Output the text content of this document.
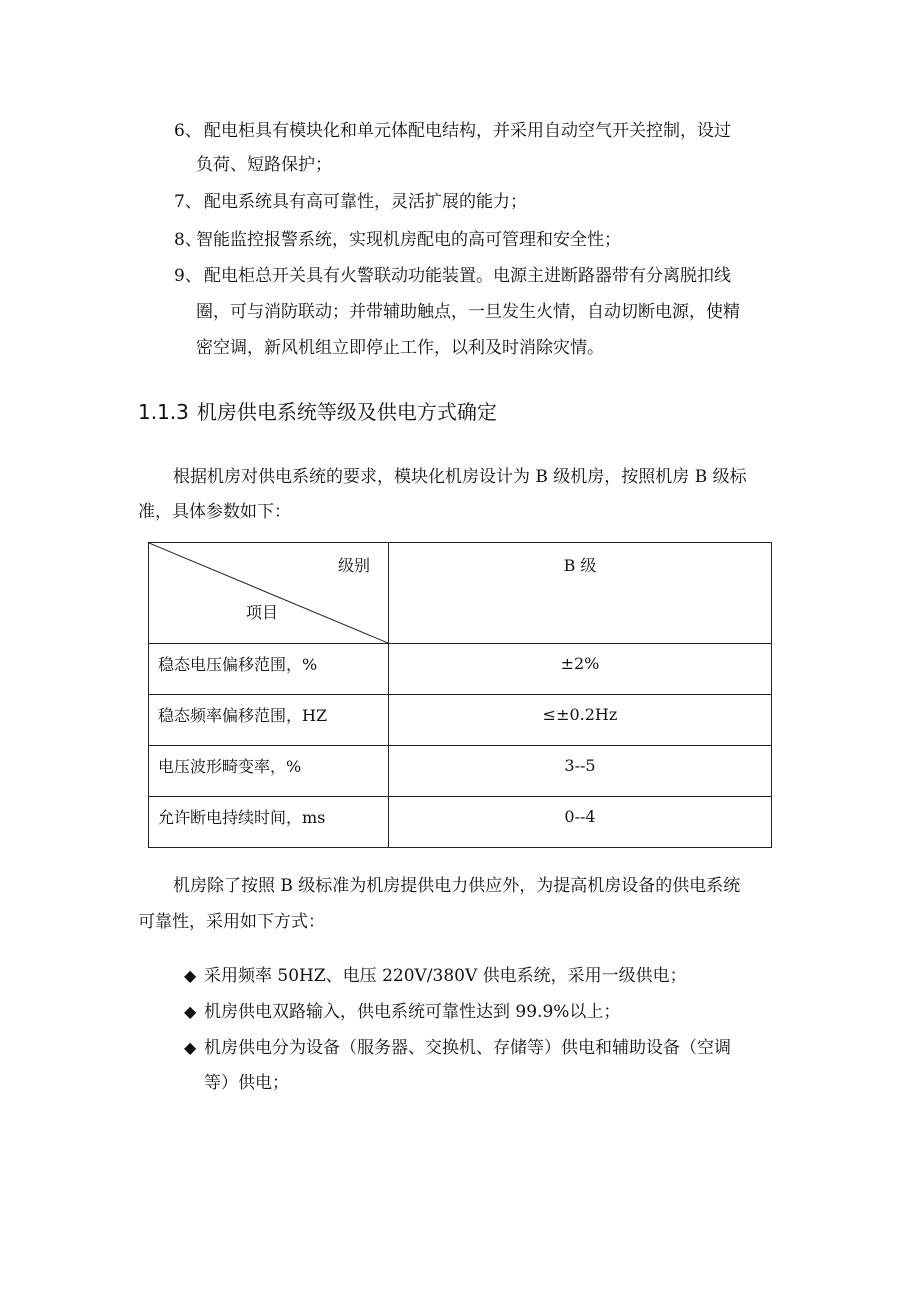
6、 配电柜具有模块化和单元体配电结构，并采用自动空气开关控制，设过
负荷、短路保护；
7、 配电系统具有高可靠性，灵活扩展的能力；
8、
智能监控报警系统，实现机房配电的高可管理和安全性；
9、 配电柜总开关具有火警联动功能装置。电源主进断路器带有分离脱扣线
圈，可与消防联动；并带辅助触点，一旦发生火情，自动切断电源，使精
密空调，新风机组立即停止工作，以利及时消除灾情。
1.1.3 机房供电系统等级及供电方式确定
根据机房对供电系统的要求，模块化机房设计为 B 级机房，按照机房 B 级标
准，具体参数如下：
级别
项目	B 级

稳态电压偏移范围，%	±2%

稳态频率偏移范围，HZ	≤±0.2Hz

电压波形畸变率，%	3--5

允许断电持续时间，ms	0--4
机房除了按照 B 级标准为机房提供电力供应外，为提高机房设备的供电系统
可靠性，采用如下方式：
◆ 采用频率 50HZ、电压 220V/380V 供电系统，采用一级供电；
◆ 机房供电双路输入，供电系统可靠性达到 99.9%以上；
◆ 机房供电分为设备（服务器、交换机、存储等）供电和辅助设备（空调
等）供电；
